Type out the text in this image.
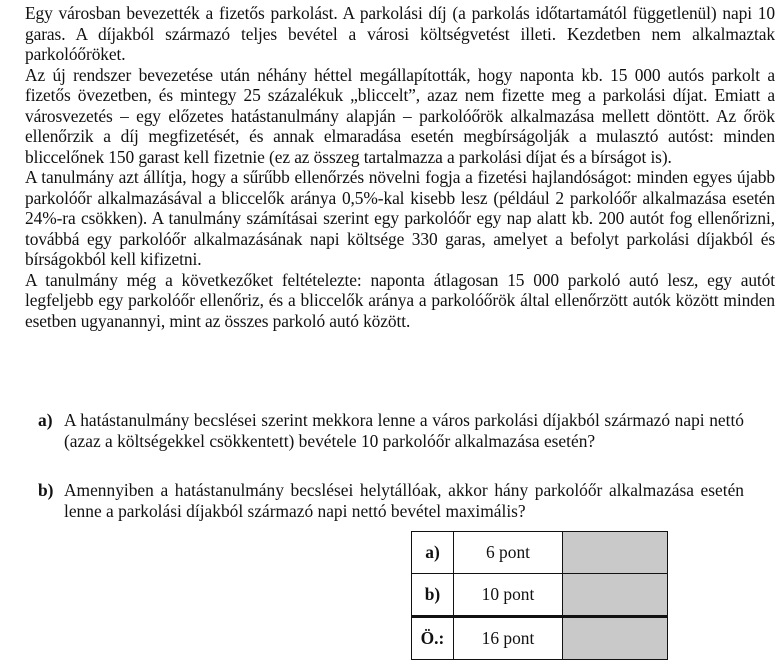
Egy városban bevezették a fizetős parkolást. A parkolási díj (a parkolás időtartamától függetlenül) napi 10 garas. A díjakból származó teljes bevétel a városi költségvetést illeti. Kezdetben nem alkalmaztak parkolóőröket.

Az új rendszer bevezetése után néhány héttel megállapították, hogy naponta kb. 15 000 autós parkolt a fizetős övezetben, és mintegy 25 százalékuk „bliccelt”, azaz nem fizette meg a parkolási díjat. Emiatt a városvezetés – egy előzetes hatástanulmány alapján – parkolóőrök alkalmazása mellett döntött. Az őrök ellenőrzik a díj megfizetését, és annak elmaradása esetén megbírságolják a mulasztó autóst: minden bliccelőnek 150 garast kell fizetnie (ez az összeg tartalmazza a parkolási díjat és a bírságot is).

A tanulmány azt állítja, hogy a sűrűbb ellenőrzés növelni fogja a fizetési hajlandóságot: minden egyes újabb parkolóőr alkalmazásával a bliccelők aránya 0,5%-kal kisebb lesz (például 2 parkolóőr alkalmazása esetén 24%-ra csökken). A tanulmány számításai szerint egy parkolóőr egy nap alatt kb. 200 autót fog ellenőrizni, továbbá egy parkolóőr alkalmazásának napi költsége 330 garas, amelyet a befolyt parkolási díjakból és bírságokból kell kifizetni.

A tanulmány még a következőket feltételezte: naponta átlagosan 15 000 parkoló autó lesz, egy autót legfeljebb egy parkolóőr ellenőriz, és a bliccelők aránya a parkolóőrök által ellenőrzött autók között minden esetben ugyanannyi, mint az összes parkoló autó között.

a) A hatástanulmány becslései szerint mekkora lenne a város parkolási díjakból származó napi nettó (azaz a költségekkel csökkentett) bevétele 10 parkolóőr alkalmazása esetén?
b) Amennyiben a hatástanulmány becslései helytállóak, akkor hány parkolóőr alkalmazása esetén lenne a parkolási díjakból származó napi nettó bevétel maximális?
a)	6 pont	
b)	10 pont	
Ö.:	16 pont	
